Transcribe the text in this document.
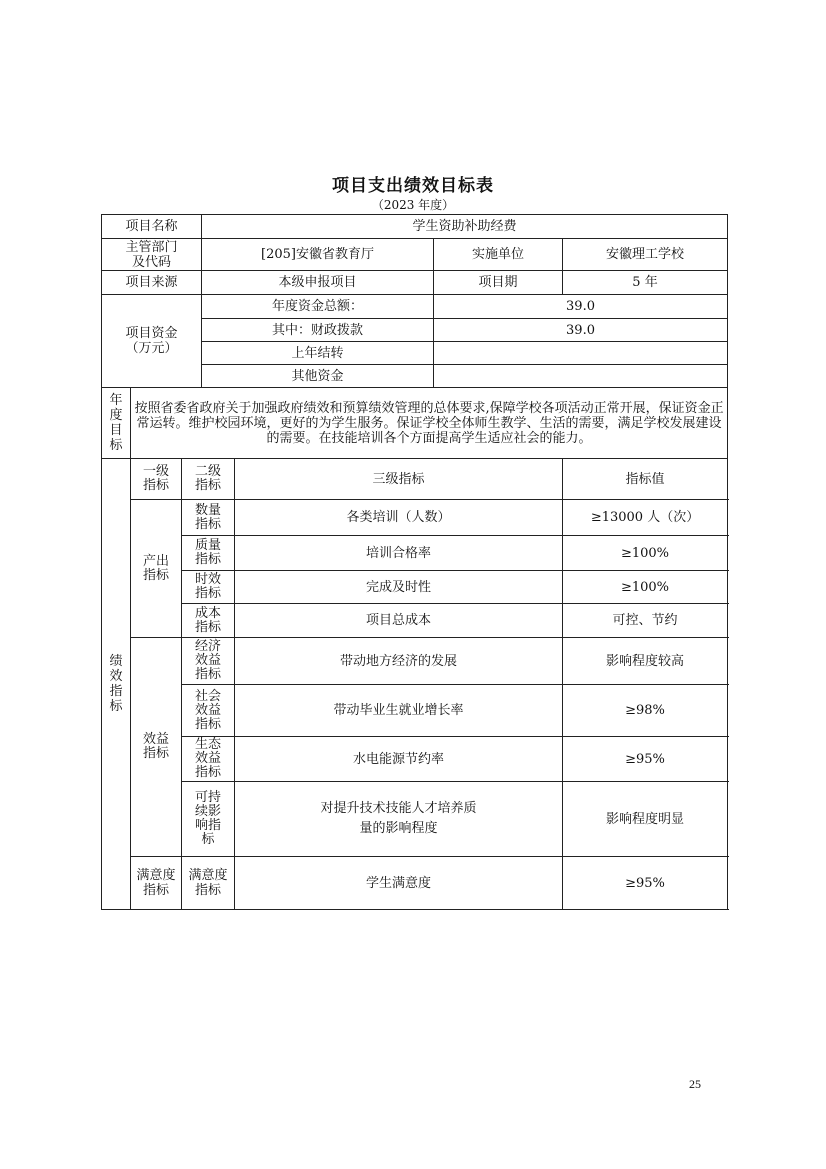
项目支出绩效目标表
（2023 年度）
项目名称			学生资助补助经费			
主管部门及代码			[205]安徽省教育厅		实施单位	安徽理工学校
项目来源			本级申报项目		项目期	5 年
项目资金（万元）			年度资金总额：		39.0	
			其中：财政拨款		39.0	
			上年结转			
			其他资金			
年度目标	按照省委省政府关于加强政府绩效和预算绩效管理的总体要求,保障学校各项活动正常开展，保证资金正常运转。维护校园环境，更好的为学生服务。保证学校全体师生教学、生活的需要，满足学校发展建设的需要。在技能培训各个方面提高学生适应社会的能力。					
绩效指标	一级指标	二级指标		三级指标		指标值
	产出指标	数量指标		各类培训（人数）		≥13000 人（次）
		质量指标		培训合格率		≥100%
		时效指标		完成及时性		≥100%
		成本指标		项目总成本		可控、节约
	效益指标	经济效益指标		带动地方经济的发展		影响程度较高
		社会效益指标		带动毕业生就业增长率		≥98%
		生态效益指标		水电能源节约率		≥95%
		可持续影响指标		对提升技术技能人才培养质量的影响程度		影响程度明显
	满意度指标	满意度指标		学生满意度		≥95%
25
